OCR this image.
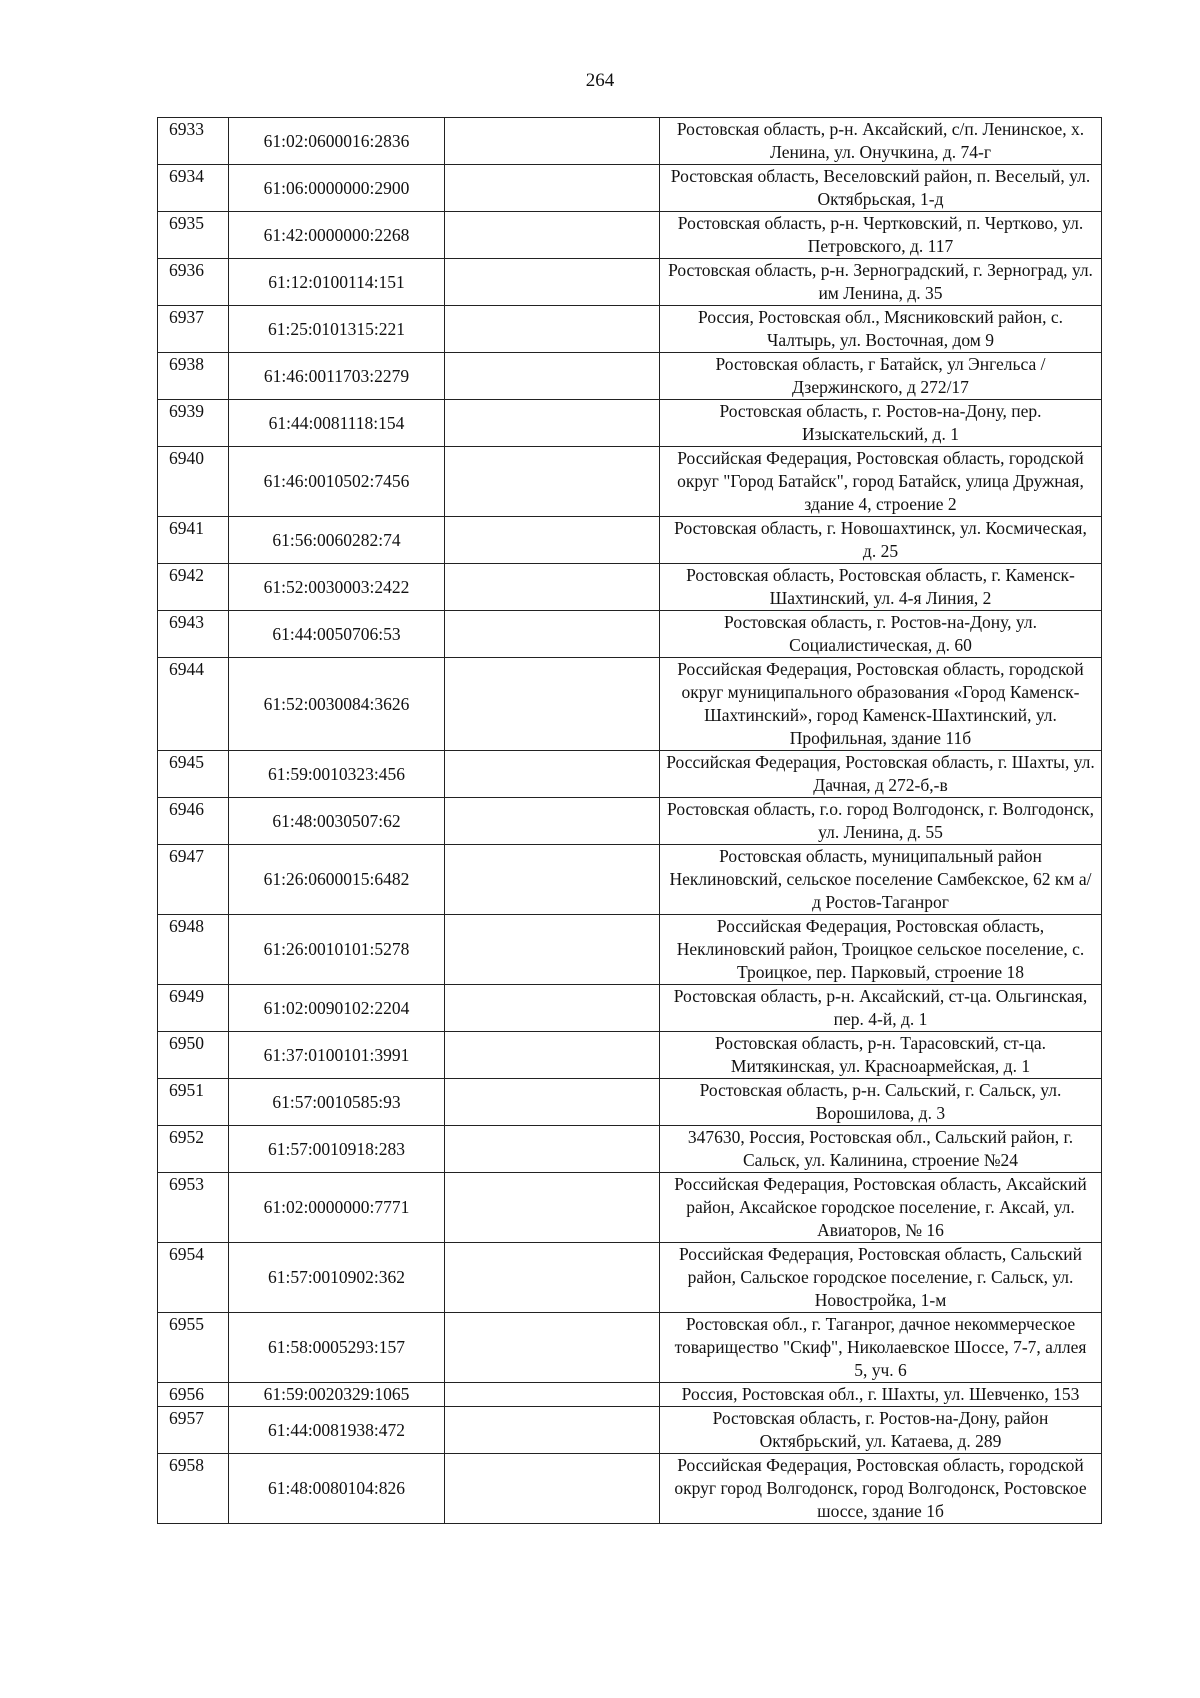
264
6933	61:02:0600016:2836		Ростовская область, р-н. Аксайский, с/п. Ленинское, х. Ленина, ул. Онучкина, д. 74-г
6934	61:06:0000000:2900		Ростовская область, Веселовский район, п. Веселый, ул. Октябрьская, 1-д
6935	61:42:0000000:2268		Ростовская область, р-н. Чертковский, п. Чертково, ул. Петровского, д. 117
6936	61:12:0100114:151		Ростовская область, р-н. Зерноградский, г. Зерноград, ул. им Ленина, д. 35
6937	61:25:0101315:221		Россия, Ростовская обл., Мясниковский район, с. Чалтырь, ул. Восточная, дом 9
6938	61:46:0011703:2279		Ростовская область, г Батайск, ул Энгельса /Дзержинского, д 272/17
6939	61:44:0081118:154		Ростовская область, г. Ростов-на-Дону, пер. Изыскательский, д. 1
6940	61:46:0010502:7456		Российская Федерация, Ростовская область, городской округ "Город Батайск", город Батайск, улица Дружная, здание 4, строение 2
6941	61:56:0060282:74		Ростовская область, г. Новошахтинск, ул. Космическая, д. 25
6942	61:52:0030003:2422		Ростовская область, Ростовская область, г. Каменск-Шахтинский, ул. 4-я Линия, 2
6943	61:44:0050706:53		Ростовская область, г. Ростов-на-Дону, ул. Социалистическая, д. 60
6944	61:52:0030084:3626		Российская Федерация, Ростовская область, городской округ муниципального образования «Город Каменск-Шахтинский», город Каменск-Шахтинский, ул. Профильная, здание 11б
6945	61:59:0010323:456		Российская Федерация, Ростовская область, г. Шахты, ул. Дачная, д 272-б,-в
6946	61:48:0030507:62		Ростовская область, г.о. город Волгодонск, г. Волгодонск, ул. Ленина, д. 55
6947	61:26:0600015:6482		Ростовская область, муниципальный район Неклиновский, сельское поселение Самбекское, 62 км а/д Ростов-Таганрог
6948	61:26:0010101:5278		Российская Федерация, Ростовская область, Неклиновский район, Троицкое сельское поселение, с. Троицкое, пер. Парковый, строение 18
6949	61:02:0090102:2204		Ростовская область, р-н. Аксайский, ст-ца. Ольгинская, пер. 4-й, д. 1
6950	61:37:0100101:3991		Ростовская область, р-н. Тарасовский, ст-ца. Митякинская, ул. Красноармейская, д. 1
6951	61:57:0010585:93		Ростовская область, р-н. Сальский, г. Сальск, ул. Ворошилова, д. 3
6952	61:57:0010918:283		347630, Россия, Ростовская обл., Сальский район, г. Сальск, ул. Калинина, строение №24
6953	61:02:0000000:7771		Российская Федерация, Ростовская область, Аксайский район, Аксайское городское поселение, г. Аксай, ул. Авиаторов, № 16
6954	61:57:0010902:362		Российская Федерация, Ростовская область, Сальский район, Сальское городское поселение, г. Сальск, ул. Новостройка, 1-м
6955	61:58:0005293:157		Ростовская обл., г. Таганрог, дачное некоммерческое товарищество "Скиф", Николаевское Шоссе, 7-7, аллея 5, уч. 6
6956	61:59:0020329:1065		Россия, Ростовская обл., г. Шахты, ул. Шевченко, 153
6957	61:44:0081938:472		Ростовская область, г. Ростов-на-Дону, район Октябрьский, ул. Катаева, д. 289
6958	61:48:0080104:826		Российская Федерация, Ростовская область, городской округ город Волгодонск, город Волгодонск, Ростовское шоссе, здание 1б
